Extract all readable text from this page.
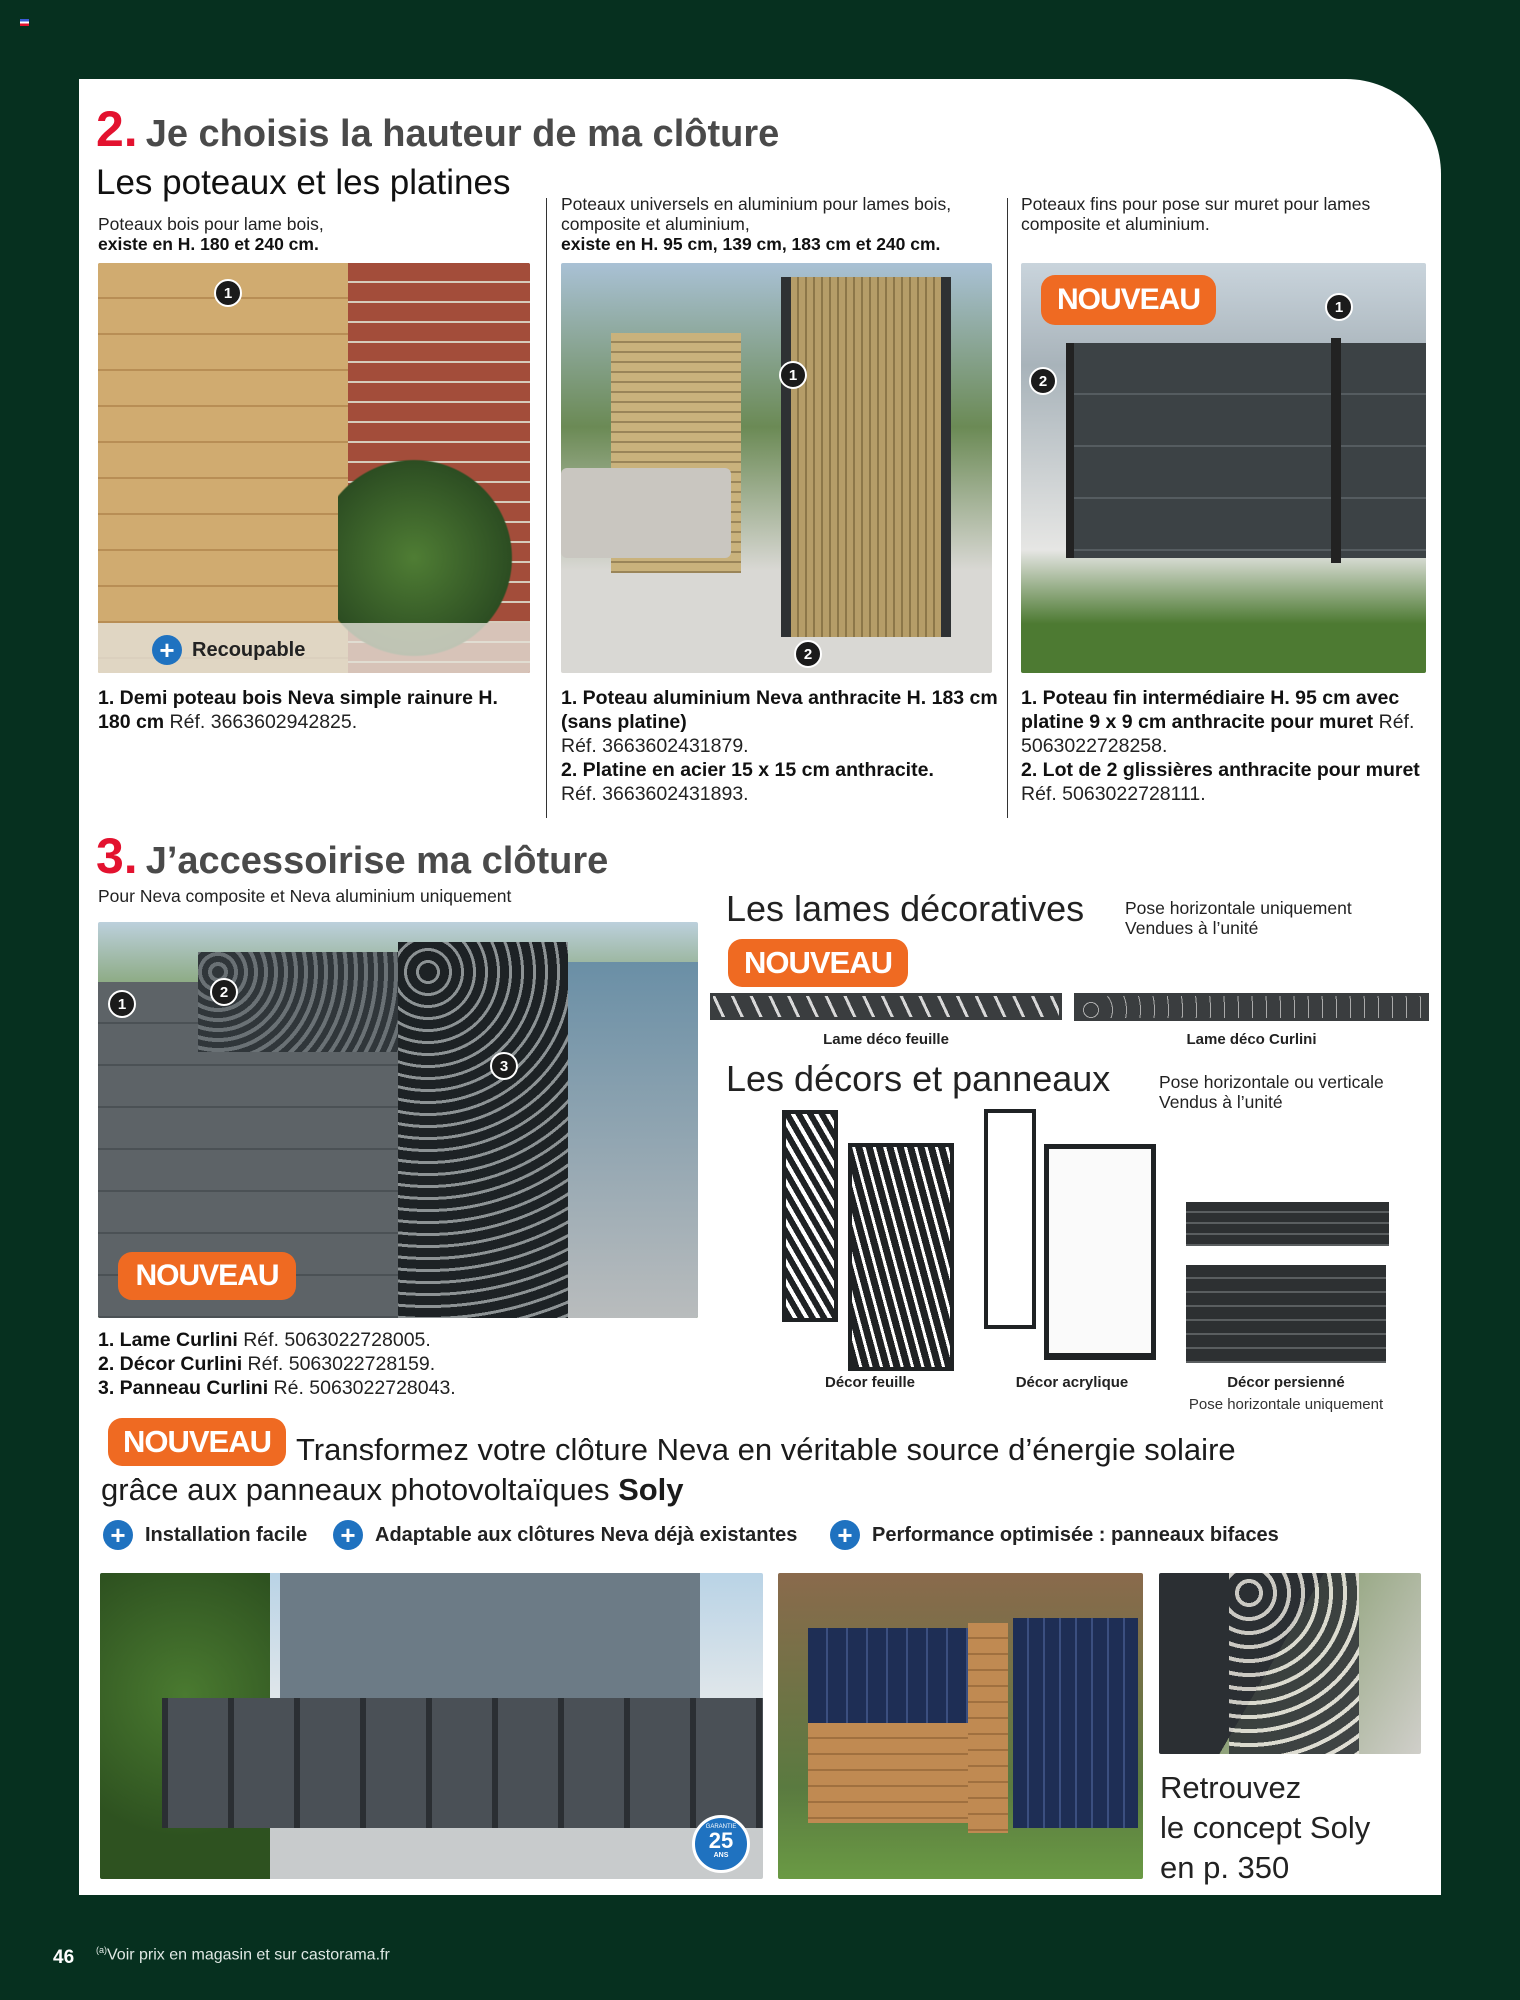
2. Je choisis la hauteur de ma clôture
Les poteaux et les platines
Poteaux bois pour lame bois,
existe en H. 180 et 240 cm.
1
+ Recoupable
1. Demi poteau bois Neva simple rainure H. 180 cm Réf. 3663602942825.
Poteaux universels en aluminium pour lames bois, composite et aluminium,
existe en H. 95 cm, 139 cm, 183 cm et 240 cm.
1
2
1. Poteau aluminium Neva anthracite H. 183 cm (sans platine)
Réf. 3663602431879.
2. Platine en acier 15 x 15 cm anthracite.
Réf. 3663602431893.
Poteaux fins pour pose sur muret pour lames composite et aluminium.
NOUVEAU	1
2
1. Poteau fin intermédiaire H. 95 cm avec platine 9 x 9 cm anthracite pour muret Réf. 5063022728258.
2. Lot de 2 glissières anthracite pour muret Réf. 5063022728111.
3. J’accessoirise ma clôture
Pour Neva composite et Neva aluminium uniquement
1
2
3
NOUVEAU
1. Lame Curlini Réf. 5063022728005.
2. Décor Curlini Réf. 5063022728159.
3. Panneau Curlini Ré. 5063022728043.
Les lames décoratives Pose horizontale uniquement
Vendues à l’unité
NOUVEAU
Lame déco feuille	Lame déco Curlini
Les décors et panneaux	Pose horizontale ou verticale
Vendus à l’unité
Décor feuille	Décor acrylique	Décor persienné
Pose horizontale uniquement
NOUVEAU Transformez votre clôture Neva en véritable source d’énergie solaire
grâce aux panneaux photovoltaïques Soly
+ Installation facile + Adaptable aux clôtures Neva déjà existantes + Performance optimisée : panneaux bifaces
GARANTIE
25
ANS
Retrouvez
le concept Soly
en p. 350
46 $^{(a)}$Voir prix en magasin et sur castorama.fr
